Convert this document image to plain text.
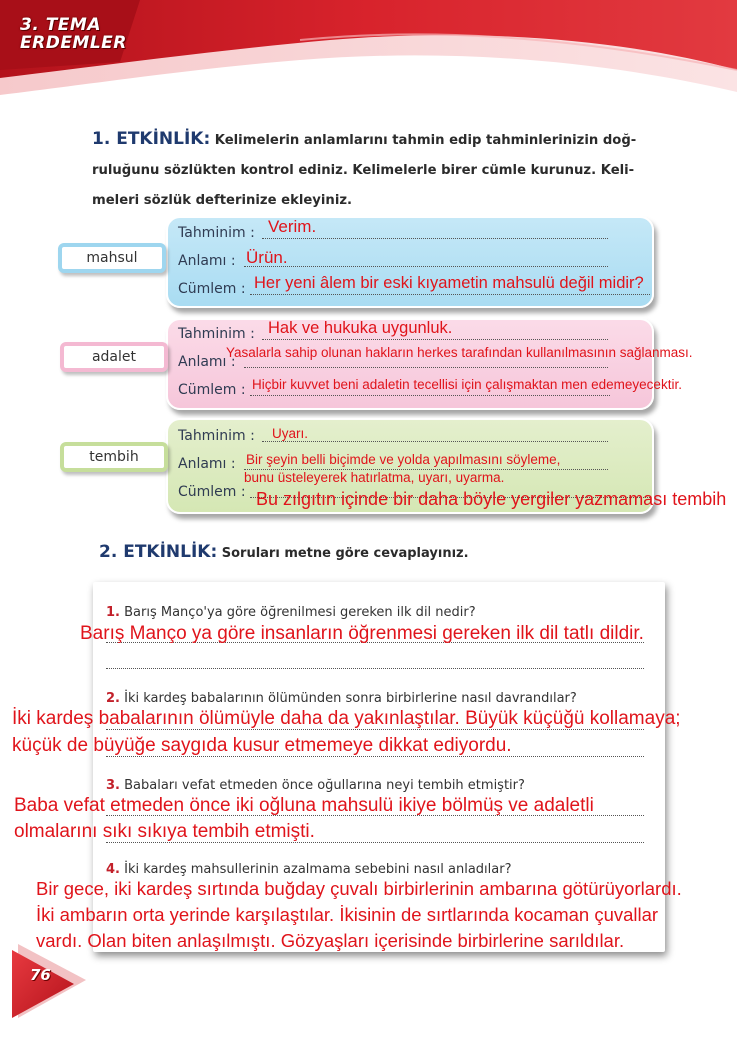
3. TEMA
ERDEMLER
1. ETKİNLİK: Kelimelerin anlamlarını tahmin edip tahminlerinizin doğ-
ruluğunu sözlükten kontrol ediniz. Kelimelerle birer cümle kurunuz. Keli-
meleri sözlük defterinize ekleyiniz.
mahsul
Tahminim :
Anlamı :
Cümlem :
Verim.
Ürün.
Her yeni âlem bir eski kıyametin mahsulü değil midir?
adalet
Tahminim :
Anlamı :
Cümlem :
Hak ve hukuka uygunluk.
Yasalarla sahip olunan hakların herkes tarafından kullanılmasının sağlanması.
Hiçbir kuvvet beni adaletin tecellisi için çalışmaktan men edemeyecektir.
tembih
Tahminim :
Anlamı :
Cümlem :
Uyarı.
Bir şeyin belli biçimde ve yolda yapılmasını söyleme,
bunu üsteleyerek hatırlatma, uyarı, uyarma.
Bu zılgıtın içinde bir daha böyle yergiler yazmaması tembih
2. ETKİNLİK: Soruları metne göre cevaplayınız.
1. Barış Manço'ya göre öğrenilmesi gereken ilk dil nedir?
Barış Manço ya göre insanların öğrenmesi gereken ilk dil tatlı dildir.
2. İki kardeş babalarının ölümünden sonra birbirlerine nasıl davrandılar?
İki kardeş babalarının ölümüyle daha da yakınlaştılar. Büyük küçüğü kollamaya;
küçük de büyüğe saygıda kusur etmemeye dikkat ediyordu.
3. Babaları vefat etmeden önce oğullarına neyi tembih etmiştir?
Baba vefat etmeden önce iki oğluna mahsulü ikiye bölmüş ve adaletli
olmalarını sıkı sıkıya tembih etmişti.
4. İki kardeş mahsullerinin azalmama sebebini nasıl anladılar?
Bir gece, iki kardeş sırtında buğday çuvalı birbirlerinin ambarına götürüyorlardı.
İki ambarın orta yerinde karşılaştılar. İkisinin de sırtlarında kocaman çuvallar
vardı. Olan biten anlaşılmıştı. Gözyaşları içerisinde birbirlerine sarıldılar.
76
